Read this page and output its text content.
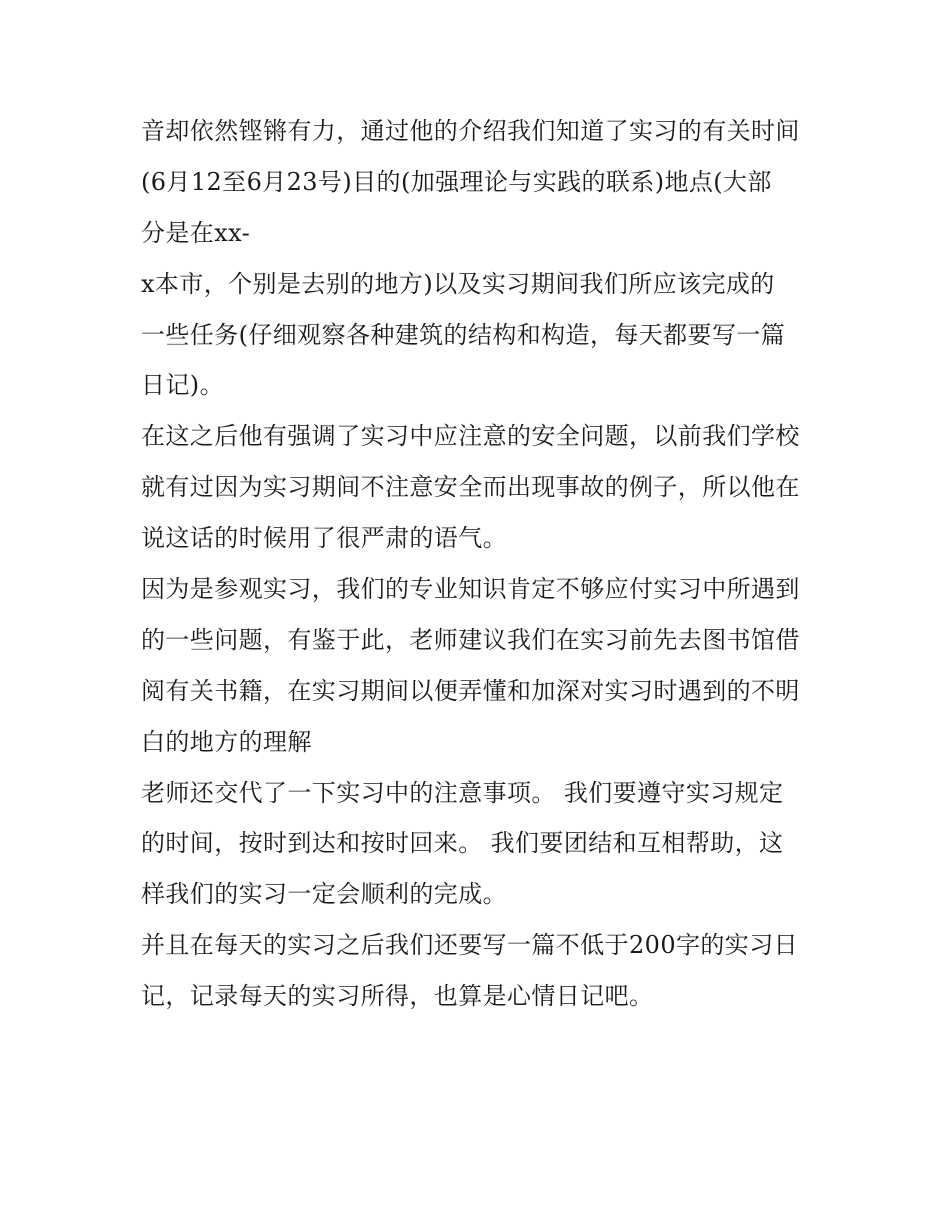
音却依然铿锵有力，通过他的介绍我们知道了实习的有关时间
(6月12至6月23号)目的(加强理论与实践的联系)地点(大部
分是在xx-
x本市，个别是去别的地方)以及实习期间我们所应该完成的
一些任务(仔细观察各种建筑的结构和构造，每天都要写一篇
日记)。
在这之后他有强调了实习中应注意的安全问题，以前我们学校
就有过因为实习期间不注意安全而出现事故的例子，所以他在
说这话的时候用了很严肃的语气。
因为是参观实习，我们的专业知识肯定不够应付实习中所遇到
的一些问题，有鉴于此，老师建议我们在实习前先去图书馆借
阅有关书籍，在实习期间以便弄懂和加深对实习时遇到的不明
白的地方的理解
老师还交代了一下实习中的注意事项。 我们要遵守实习规定
的时间，按时到达和按时回来。 我们要团结和互相帮助，这
样我们的实习一定会顺利的完成。
并且在每天的实习之后我们还要写一篇不低于200字的实习日
记，记录每天的实习所得，也算是心情日记吧。
